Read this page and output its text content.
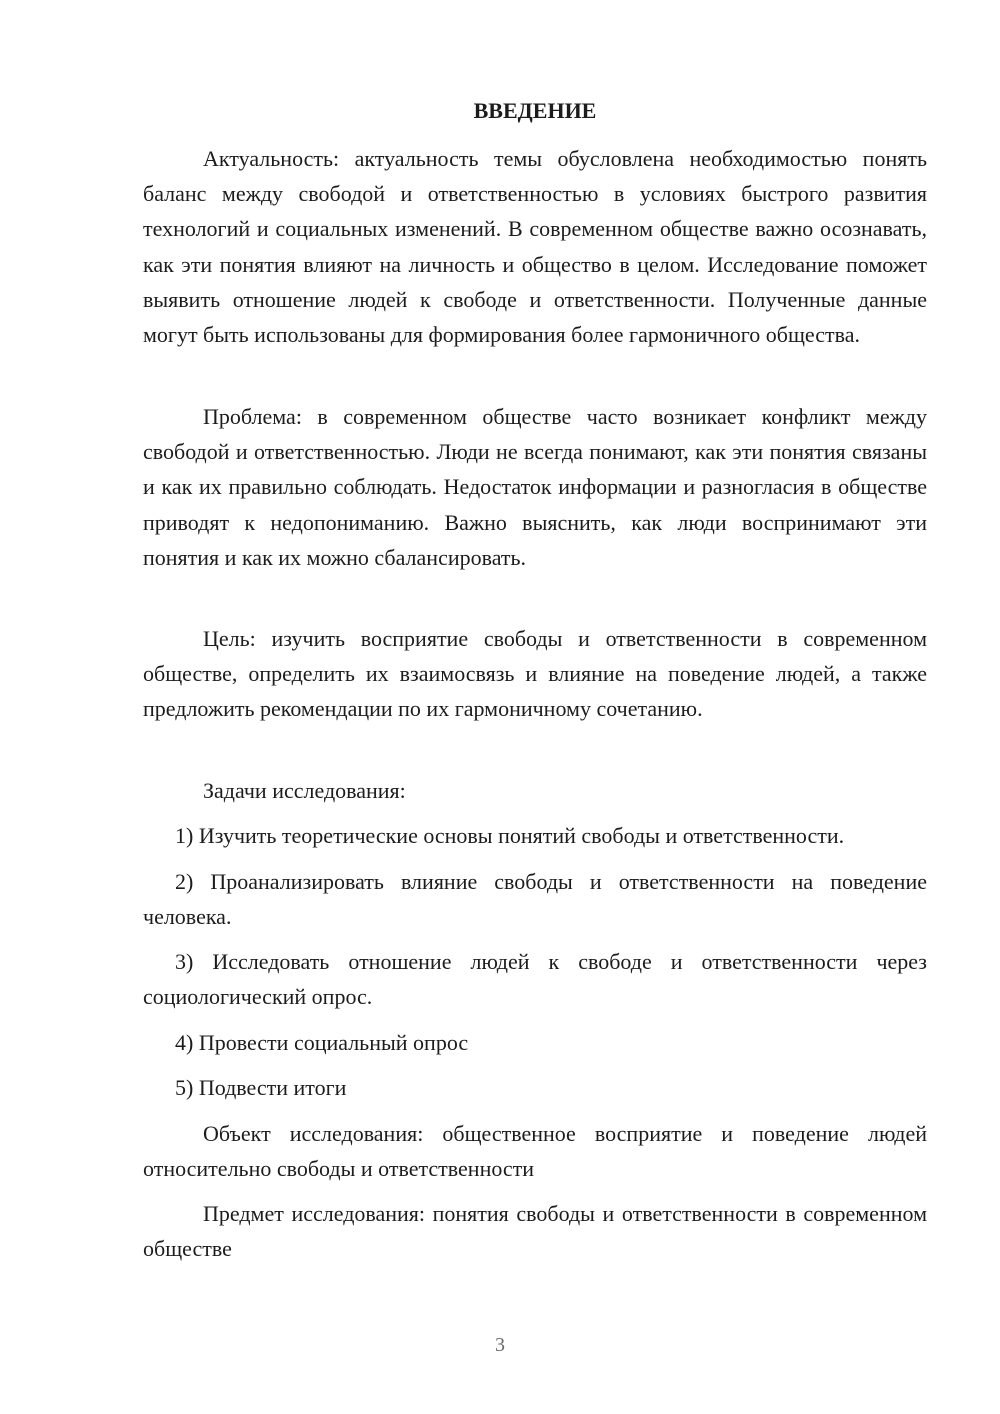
ВВЕДЕНИЕ

Актуальность: актуальность темы обусловлена необходимостью понять баланс между свободой и ответственностью в условиях быстрого развития технологий и социальных изменений. В современном обществе важно осознавать, как эти понятия влияют на личность и общество в целом. Исследование поможет выявить отношение людей к свободе и ответственности. Полученные данные могут быть использованы для формирования более гармоничного общества.

Проблема: в современном обществе часто возникает конфликт между свободой и ответственностью. Люди не всегда понимают, как эти понятия связаны и как их правильно соблюдать. Недостаток информации и разногласия в обществе приводят к недопониманию. Важно выяснить, как люди воспринимают эти понятия и как их можно сбалансировать.

Цель: изучить восприятие свободы и ответственности в современном обществе, определить их взаимосвязь и влияние на поведение людей, а также предложить рекомендации по их гармоничному сочетанию.

Задачи исследования:

1) Изучить теоретические основы понятий свободы и ответственности.

2) Проанализировать влияние свободы и ответственности на поведение человека.

3) Исследовать отношение людей к свободе и ответственности через социологический опрос.

4) Провести социальный опрос

5) Подвести итоги

Объект исследования: общественное восприятие и поведение людей относительно свободы и ответственности

Предмет исследования: понятия свободы и ответственности в современном обществе

3
